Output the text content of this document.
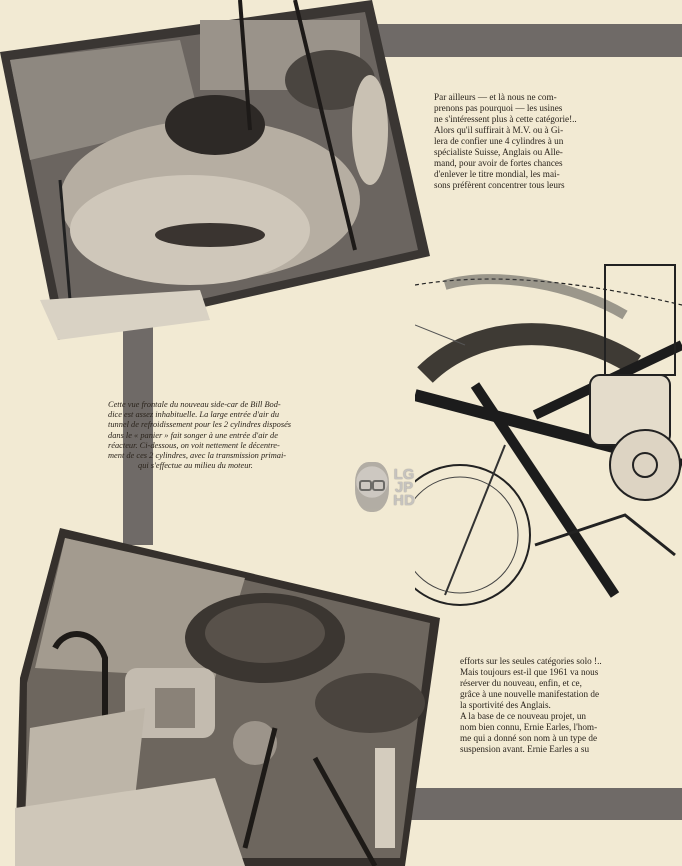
Par ailleurs — et là nous ne com-

prenons pas pourquoi — les usines

ne s'intéressent plus à cette catégorie!..

Alors qu'il suffirait à M.V. ou à Gi-

lera de confier une 4 cylindres à un

spécialiste Suisse, Anglais ou Alle-

mand, pour avoir de fortes chances

d'enlever le titre mondial, les mai-

sons préfèrent concentrer tous leurs

Cette vue frontale du nouveau side-car de Bill Bod-

dice est assez inhabituelle. La large entrée d'air du

tunnel de refroidissement pour les 2 cylindres disposés

dans le « panier » fait songer à une entrée d'air de

réacteur. Ci-dessous, on voit nettement le décentre-

ment de ces 2 cylindres, avec la transmission primai-

qui s'effectue au milieu du moteur.	LG
JP
HD

efforts sur les seules catégories solo !..

Mais toujours est-il que 1961 va nous

réserver du nouveau, enfin, et ce,

grâce à une nouvelle manifestation de

la sportivité des Anglais.

A la base de ce nouveau projet, un

nom bien connu, Ernie Earles, l'hom-

me qui a donné son nom à un type de

suspension avant. Ernie Earles a su
